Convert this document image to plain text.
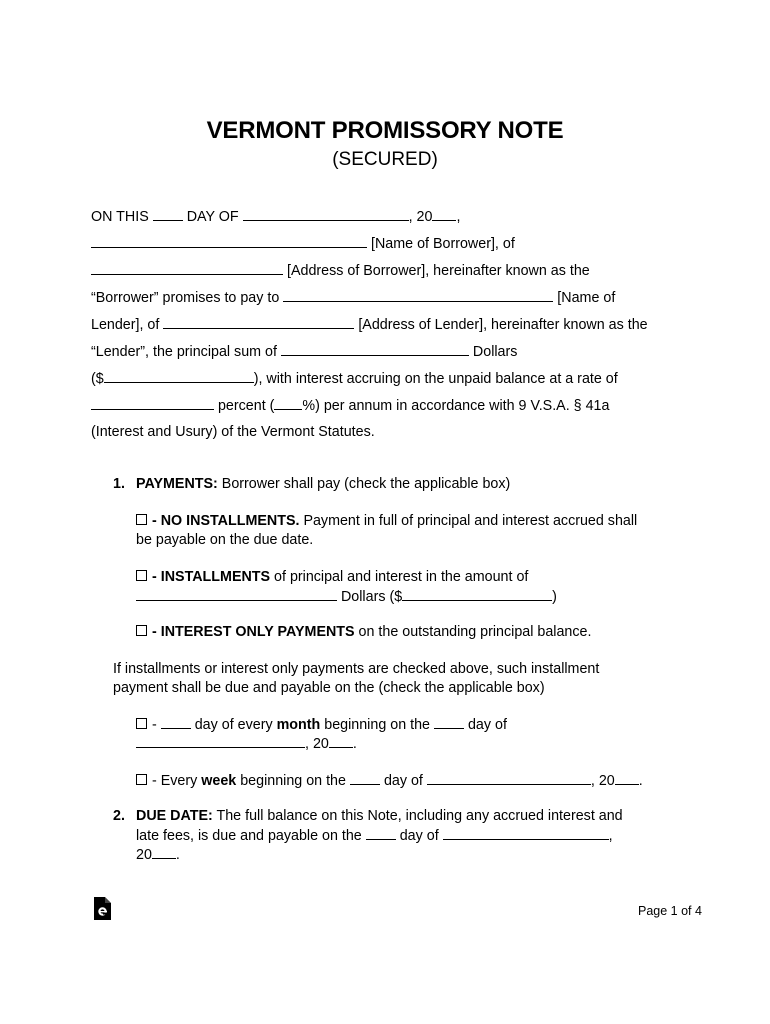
VERMONT PROMISSORY NOTE
(SECURED)
ON THIS	DAY OF	, 20 ,
[Name of Borrower], of
[Address of Borrower], hereinafter known as the
“Borrower” promises to pay to	[Name of
Lender], of	[Address of Lender], hereinafter known as the
“Lender”, the principal sum of	Dollars
($	), with interest accruing on the unpaid balance at a rate of
percent ( %) per annum in accordance with 9 V.S.A. § 41a
(Interest and Usury) of the Vermont Statutes.
1. PAYMENTS: Borrower shall pay (check the applicable box)
- NO INSTALLMENTS. Payment in full of principal and interest accrued shall
be payable on the due date.
- INSTALLMENTS of principal and interest in the amount of
Dollars ($	)
- INTEREST ONLY PAYMENTS on the outstanding principal balance.
If installments or interest only payments are checked above, such installment
payment shall be due and payable on the (check the applicable box)
-	day of every month beginning on the	day of
, 20 .
- Every week beginning on the	day of	, 20 .
2. DUE DATE: The full balance on this Note, including any accrued interest and
late fees, is due and payable on the	day of	,
20 .
Page 1 of 4
